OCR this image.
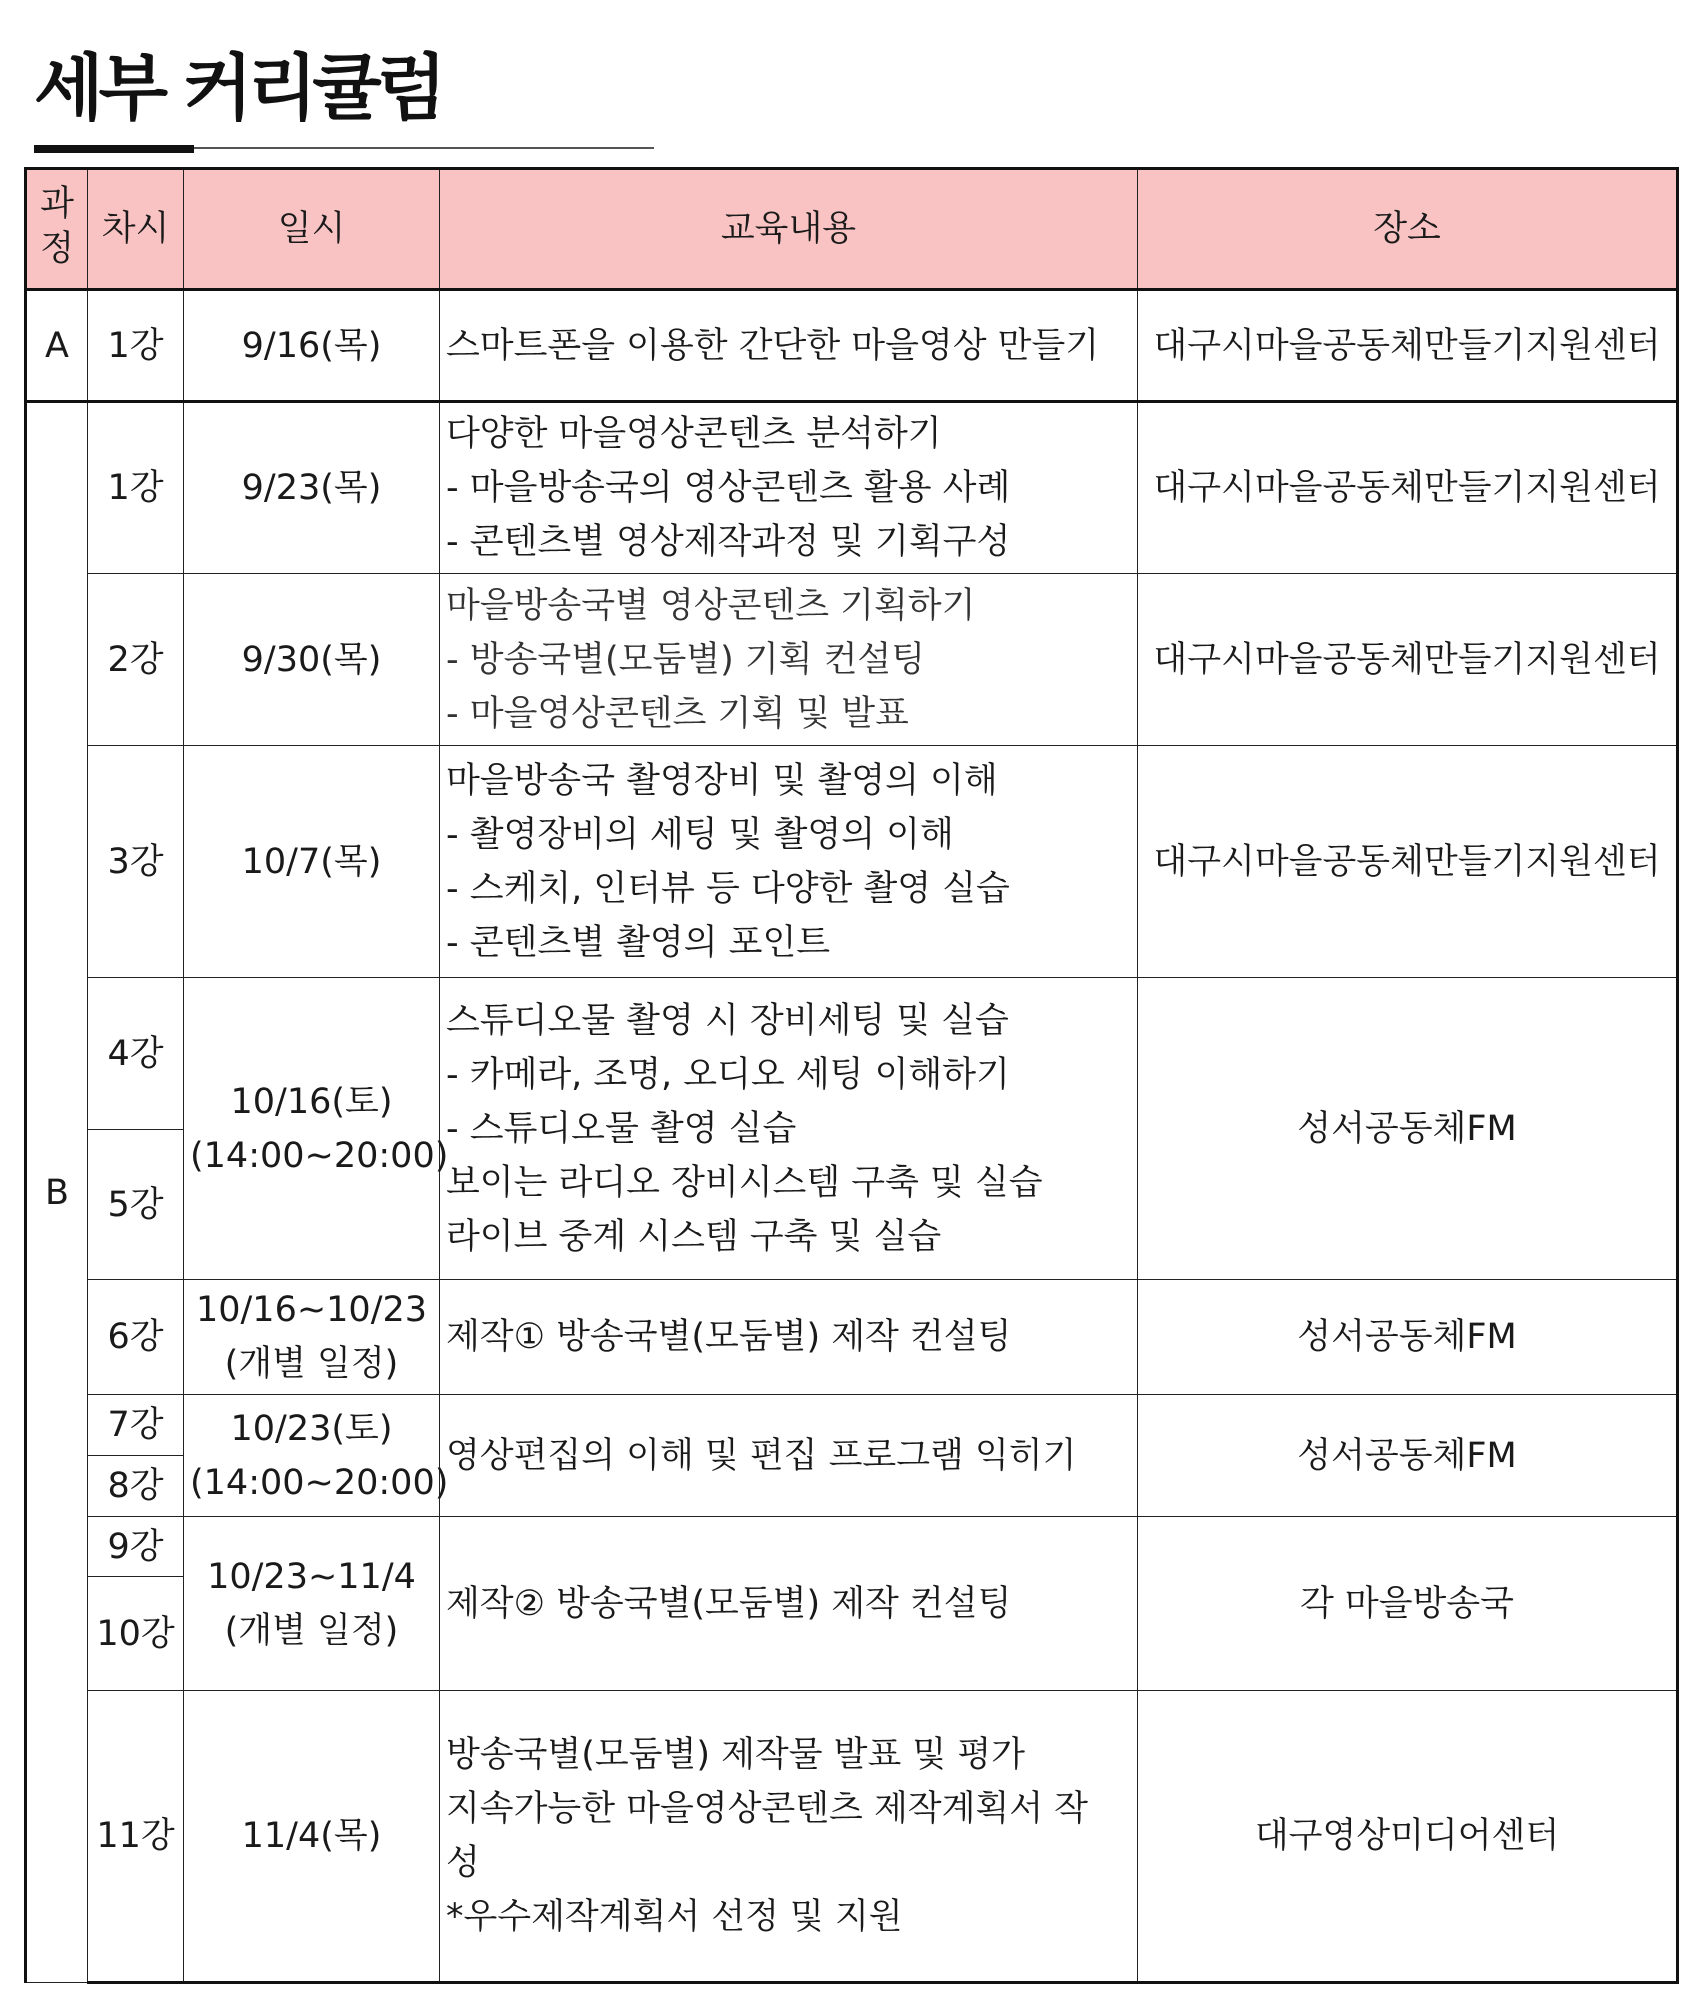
세부 커리큘럼
과정	차시	일시	교육내용	장소
A	1강	9/16(목)	스마트폰을 이용한 간단한 마을영상 만들기	대구시마을공동체만들기지원센터
B	1강	9/23(목)	다양한 마을영상콘텐츠 분석하기
- 마을방송국의 영상콘텐츠 활용 사례
- 콘텐츠별 영상제작과정 및 기획구성	대구시마을공동체만들기지원센터
	2강	9/30(목)	마을방송국별 영상콘텐츠 기획하기
- 방송국별(모둠별) 기획 컨설팅
- 마을영상콘텐츠 기획 및 발표	대구시마을공동체만들기지원센터
	3강	10/7(목)	마을방송국 촬영장비 및 촬영의 이해
- 촬영장비의 세팅 및 촬영의 이해
- 스케치, 인터뷰 등 다양한 촬영 실습
- 콘텐츠별 촬영의 포인트	대구시마을공동체만들기지원센터
	4강	10/16(토)
(14:00~20:00)	스튜디오물 촬영 시 장비세팅 및 실습
- 카메라, 조명, 오디오 세팅 이해하기
- 스튜디오물 촬영 실습
보이는 라디오 장비시스템 구축 및 실습
라이브 중계 시스템 구축 및 실습	성서공동체FM
	5강			
	6강	10/16~10/23
(개별 일정)	제작① 방송국별(모둠별) 제작 컨설팅	성서공동체FM
	7강	10/23(토)
(14:00~20:00)	영상편집의 이해 및 편집 프로그램 익히기	성서공동체FM
	8강			
	9강	10/23~11/4
(개별 일정)	제작② 방송국별(모둠별) 제작 컨설팅	각 마을방송국
	10강			
	11강	11/4(목)	방송국별(모둠별) 제작물 발표 및 평가
지속가능한 마을영상콘텐츠 제작계획서 작
성
*우수제작계획서 선정 및 지원	대구영상미디어센터
